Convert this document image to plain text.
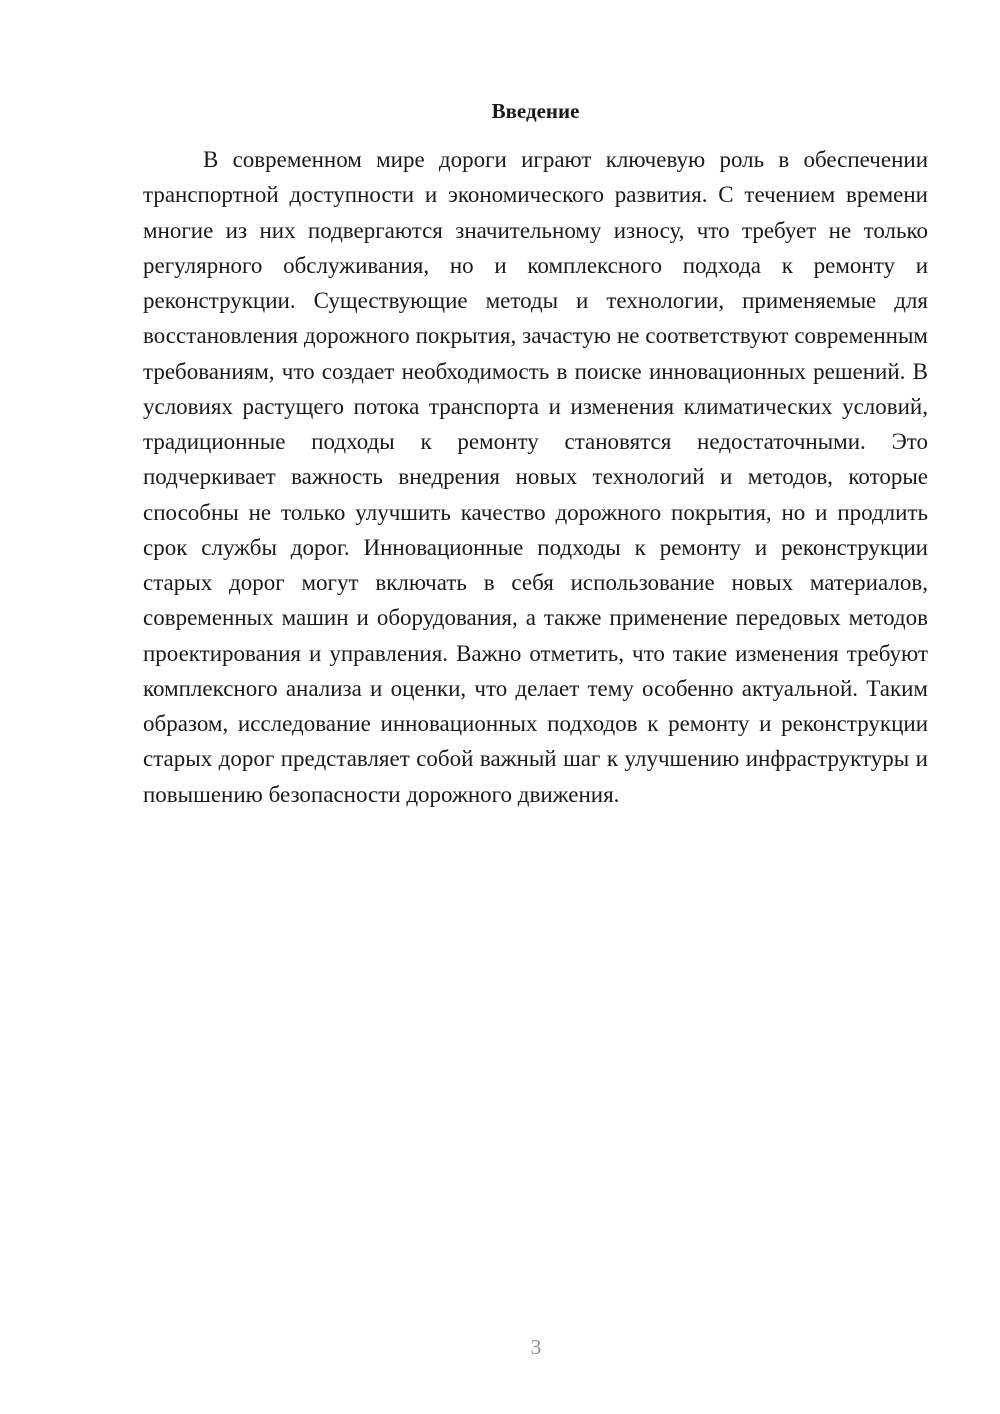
Введение

В современном мире дороги играют ключевую роль в обеспечении транспортной доступности и экономического развития. С течением времени многие из них подвергаются значительному износу, что требует не только регулярного обслуживания, но и комплексного подхода к ремонту и реконструкции. Существующие методы и технологии, применяемые для восстановления дорожного покрытия, зачастую не соответствуют современным требованиям, что создает необходимость в поиске инновационных решений. В условиях растущего потока транспорта и изменения климатических условий, традиционные подходы к ремонту становятся недостаточными. Это подчеркивает важность внедрения новых технологий и методов, которые способны не только улучшить качество дорожного покрытия, но и продлить срок службы дорог. Инновационные подходы к ремонту и реконструкции старых дорог могут включать в себя использование новых материалов, современных машин и оборудования, а также применение передовых методов проектирования и управления. Важно отметить, что такие изменения требуют комплексного анализа и оценки, что делает тему особенно актуальной. Таким образом, исследование инновационных подходов к ремонту и реконструкции старых дорог представляет собой важный шаг к улучшению инфраструктуры и повышению безопасности дорожного движения.

3
